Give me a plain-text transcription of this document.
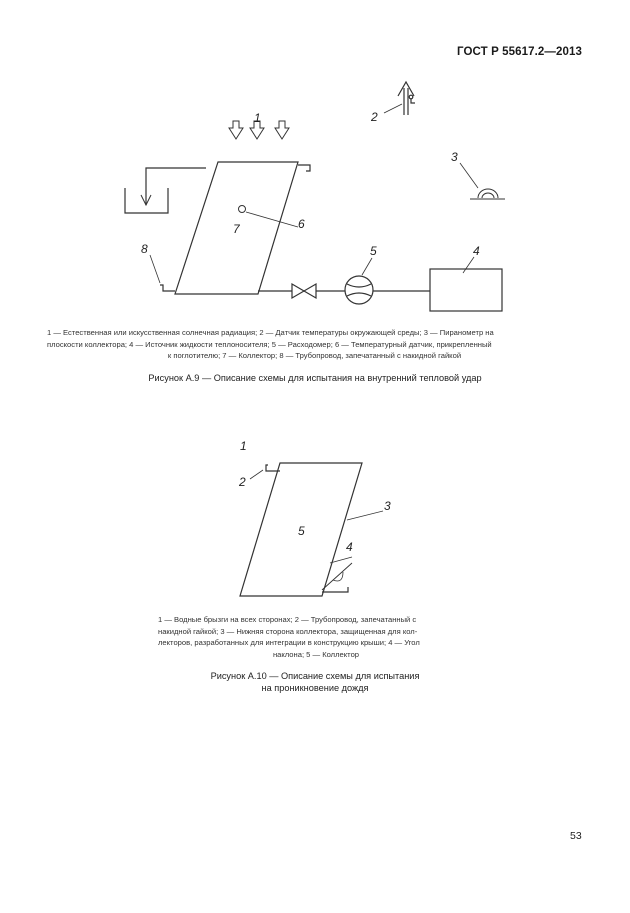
ГОСТ Р 55617.2—2013
1	2
3
8
6
7
5	4
1 — Естественная или искусственная солнечная радиация; 2 — Датчик температуры окружающей среды; 3 — Пиранометр на
плоскости коллектора; 4 — Источник жидкости теплоносителя; 5 — Расходомер; 6 — Температурный датчик, прикрепленный
к поглотителю; 7 — Коллектор; 8 — Трубопровод, запечатанный с накидной гайкой
Рисунок А.9 — Описание схемы для испытания на внутренний тепловой удар
1
2
3
5
4
1 — Водные брызги на всех сторонах; 2 — Трубопровод, запечатанный с
накидной гайкой; 3 — Нижняя сторона коллектора, защищенная для кол-
лекторов, разработанных для интеграции в конструкцию крыши; 4 — Угол
наклона; 5 — Коллектор
Рисунок А.10 — Описание схемы для испытания
на проникновение дождя
53
